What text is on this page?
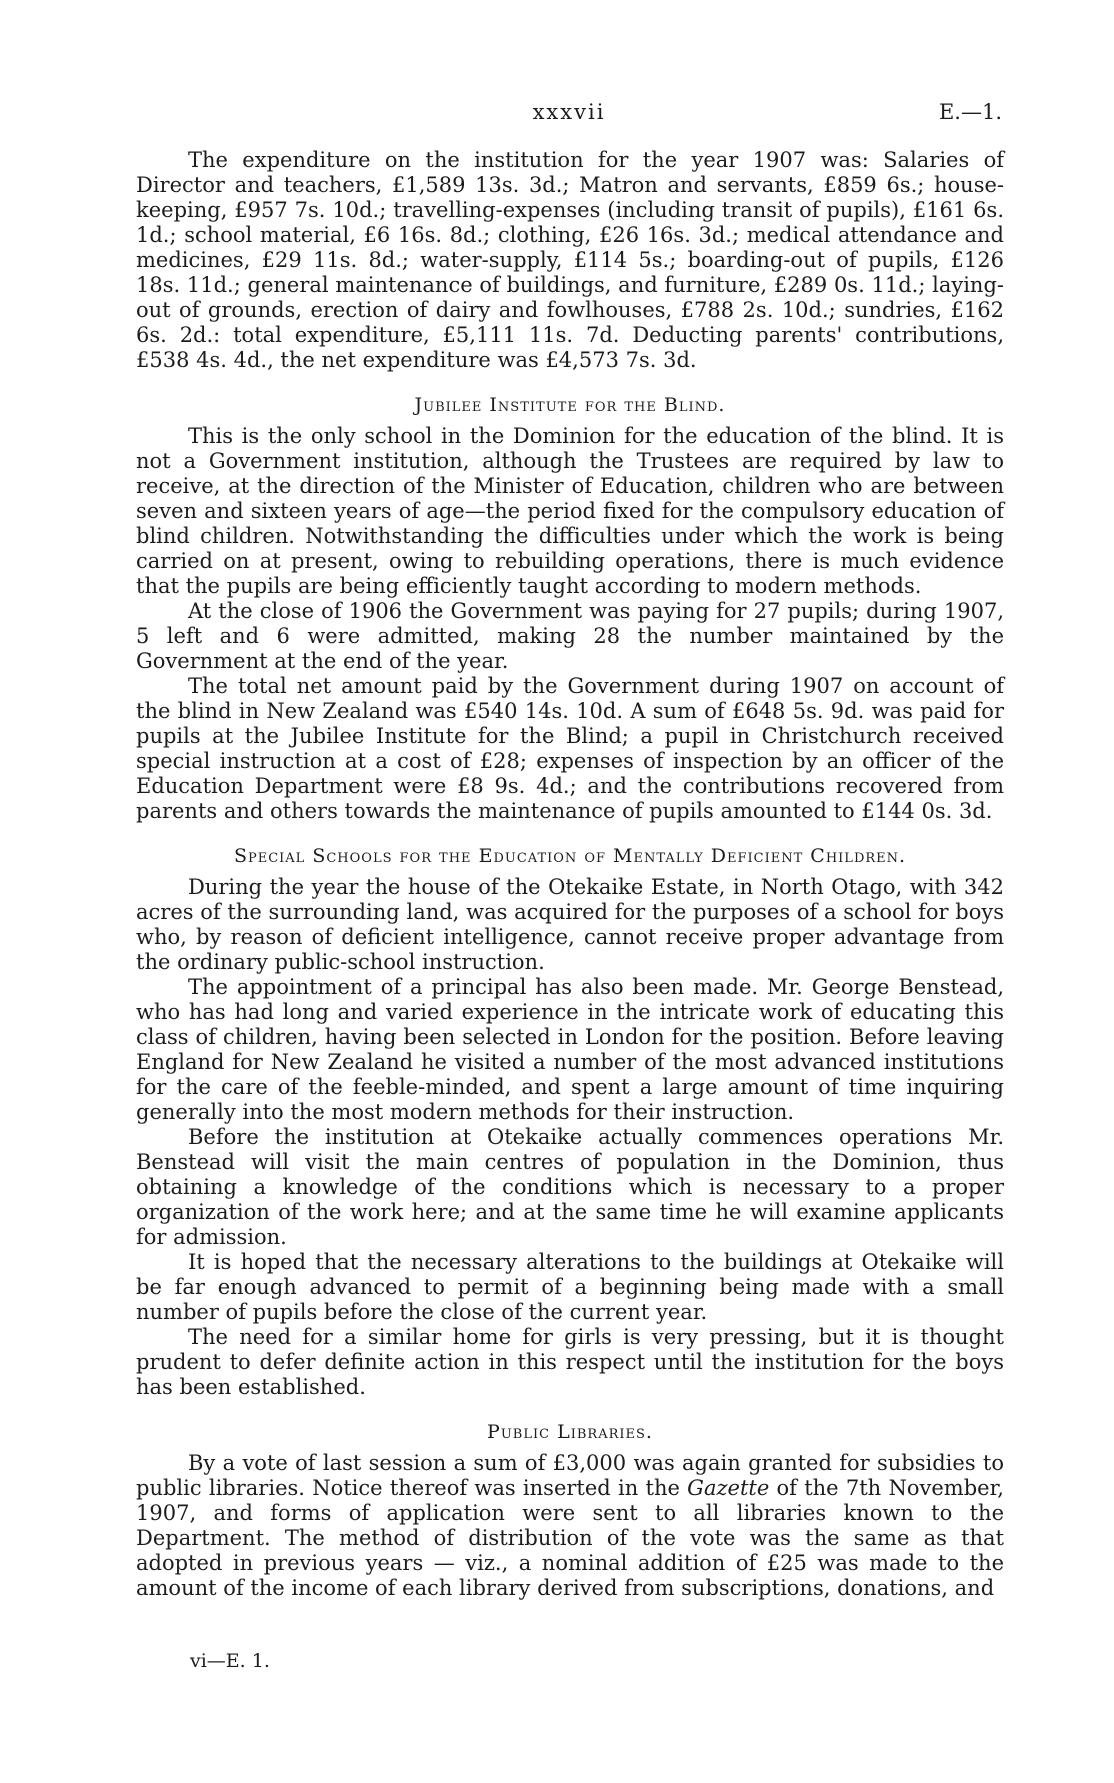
xxxvii	E.—1.

The expenditure on the institution for the year 1907 was: Salaries of Director and teachers, £1,589 13s. 3d.; Matron and servants, £859 6s.; house-keeping, £957 7s. 10d.; travelling-expenses (including transit of pupils), £161 6s. 1d.; school material, £6 16s. 8d.; clothing, £26 16s. 3d.; medical attendance and medicines, £29 11s. 8d.; water-supply, £114 5s.; boarding-out of pupils, £126 18s. 11d.; general maintenance of buildings, and furniture, £289 0s. 11d.; laying-out of grounds, erection of dairy and fowlhouses, £788 2s. 10d.; sundries, £162 6s. 2d.: total expenditure, £5,111 11s. 7d. Deducting parents' contributions, £538 4s. 4d., the net expenditure was £4,573 7s. 3d.

Jubilee Institute for the Blind.

This is the only school in the Dominion for the education of the blind. It is not a Government institution, although the Trustees are required by law to receive, at the direction of the Minister of Education, children who are between seven and sixteen years of age—the period fixed for the compulsory education of blind children. Notwithstanding the difficulties under which the work is being carried on at present, owing to rebuilding operations, there is much evidence that the pupils are being efficiently taught according to modern methods.

At the close of 1906 the Government was paying for 27 pupils; during 1907, 5 left and 6 were admitted, making 28 the number maintained by the Government at the end of the year.

The total net amount paid by the Government during 1907 on account of the blind in New Zealand was £540 14s. 10d. A sum of £648 5s. 9d. was paid for pupils at the Jubilee Institute for the Blind; a pupil in Christchurch received special instruction at a cost of £28; expenses of inspection by an officer of the Education Department were £8 9s. 4d.; and the contributions recovered from parents and others towards the maintenance of pupils amounted to £144 0s. 3d.

Special Schools for the Education of Mentally Deficient Children.

During the year the house of the Otekaike Estate, in North Otago, with 342 acres of the surrounding land, was acquired for the purposes of a school for boys who, by reason of deficient intelligence, cannot receive proper advantage from the ordinary public-school instruction.

The appointment of a principal has also been made. Mr. George Benstead, who has had long and varied experience in the intricate work of educating this class of children, having been selected in London for the position. Before leaving England for New Zealand he visited a number of the most advanced institutions for the care of the feeble-minded, and spent a large amount of time inquiring generally into the most modern methods for their instruction.

Before the institution at Otekaike actually commences operations Mr. Benstead will visit the main centres of population in the Dominion, thus obtaining a knowledge of the conditions which is necessary to a proper organization of the work here; and at the same time he will examine applicants for admission.

It is hoped that the necessary alterations to the buildings at Otekaike will be far enough advanced to permit of a beginning being made with a small number of pupils before the close of the current year.

The need for a similar home for girls is very pressing, but it is thought prudent to defer definite action in this respect until the institution for the boys has been established.

Public Libraries.

By a vote of last session a sum of £3,000 was again granted for subsidies to public libraries. Notice thereof was inserted in the Gazette of the 7th November, 1907, and forms of application were sent to all libraries known to the Department. The method of distribution of the vote was the same as that adopted in previous years — viz., a nominal addition of £25 was made to the amount of the income of each library derived from subscriptions, donations, and

vi—E. 1.
